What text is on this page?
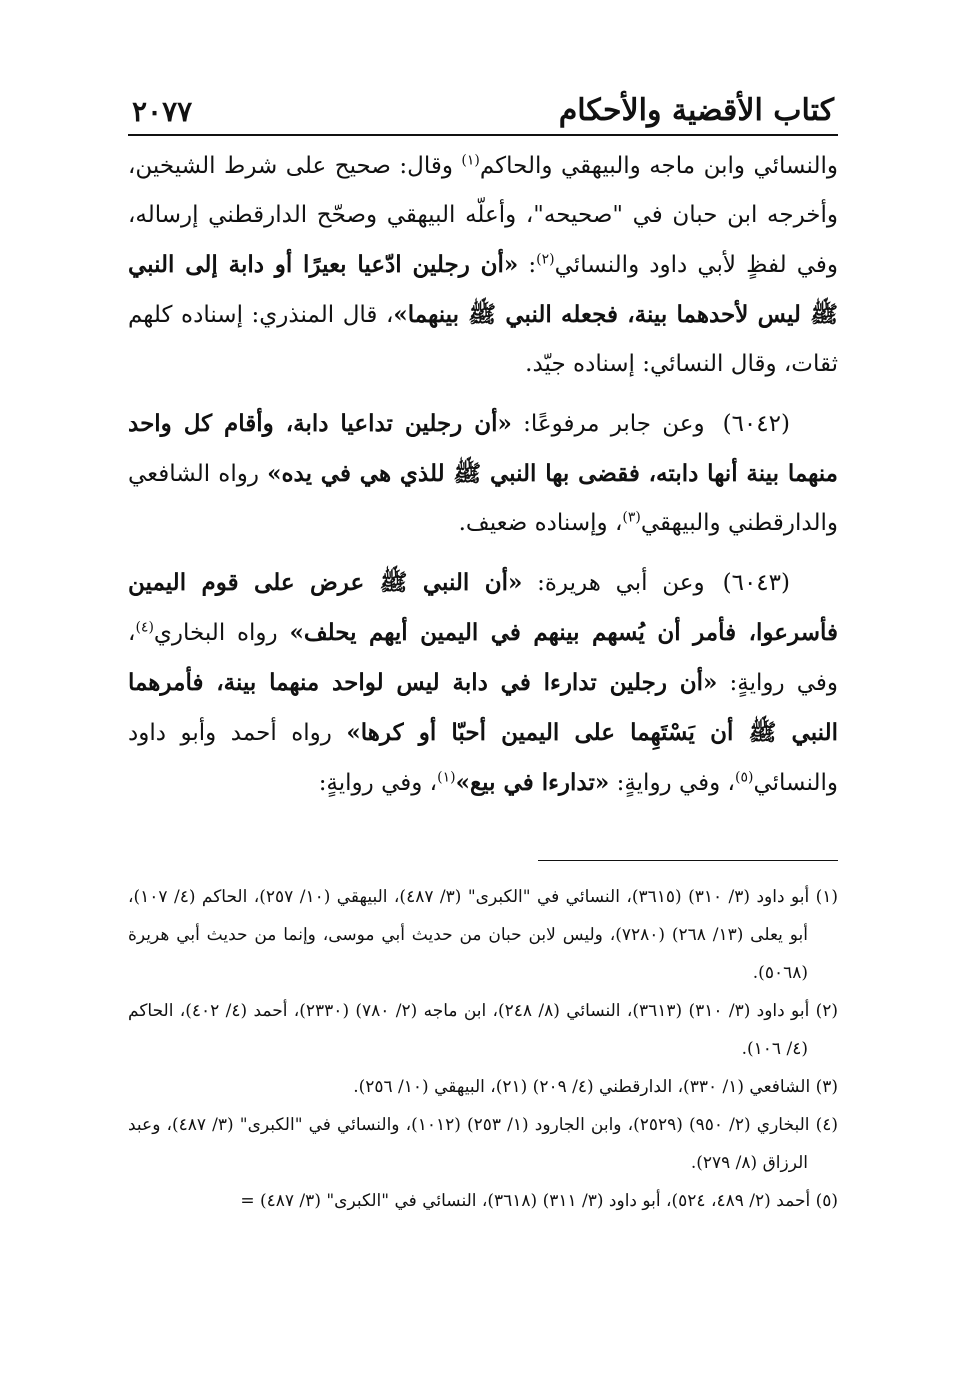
كتاب الأقضية والأحكام
٢٠٧٧

والنسائي وابن ماجه والبيهقي والحاكم$^{(١)}$ وقال: صحيح على شرط الشيخين، وأخرجه ابن حبان في "صحيحه"، وأعلّه البيهقي وصحّح الدارقطني إرساله، وفي لفظٍ لأبي داود والنسائي$^{(٢)}$: «أن رجلين ادّعيا بعيرًا أو دابة إلى النبي ﷺ ليس لأحدهما بينة، فجعله النبي ﷺ بينهما»، قال المنذري: إسناده كلهم ثقات، وقال النسائي: إسناده جيّد.

(٦٠٤٢)وعن جابر مرفوعًا: «أن رجلين تداعيا دابة، وأقام كل واحد منهما بينة أنها دابته، فقضى بها النبي ﷺ للذي هي في يده» رواه الشافعي والدارقطني والبيهقي$^{(٣)}$، وإسناده ضعيف.

(٦٠٤٣)وعن أبي هريرة: «أن النبي ﷺ عرض على قوم اليمين فأسرعوا، فأمر أن يُسهم بينهم في اليمين أيهم يحلف» رواه البخاري$^{(٤)}$، وفي روايةٍ: «أن رجلين تدارءا في دابة ليس لواحد منهما بينة، فأمرهما النبي ﷺ أن يَسْتَهِما على اليمين أحبّا أو كرها» رواه أحمد وأبو داود والنسائي$^{(٥)}$، وفي روايةٍ: «تدارءا في بيع»$^{(١)}$، وفي روايةٍ:

(١) أبو داود (٣/ ٣١٠) (٣٦١٥)، النسائي في "الكبرى" (٣/ ٤٨٧)، البيهقي (١٠/ ٢٥٧)، الحاكم (٤/ ١٠٧)، أبو يعلى (١٣/ ٢٦٨) (٧٢٨٠)، وليس لابن حبان من حديث أبي موسى، وإنما من حديث أبي هريرة (٥٠٦٨).

(٢) أبو داود (٣/ ٣١٠) (٣٦١٣)، النسائي (٨/ ٢٤٨)، ابن ماجه (٢/ ٧٨٠) (٢٣٣٠)، أحمد (٤/ ٤٠٢)، الحاكم (٤/ ١٠٦).

(٣) الشافعي (١/ ٣٣٠)، الدارقطني (٤/ ٢٠٩) (٢١)، البيهقي (١٠/ ٢٥٦).

(٤) البخاري (٢/ ٩٥٠) (٢٥٢٩)، وابن الجارود (١/ ٢٥٣) (١٠١٢)، والنسائي في "الكبرى" (٣/ ٤٨٧)، وعبد الرزاق (٨/ ٢٧٩).

(٥) أحمد (٢/ ٤٨٩، ٥٢٤)، أبو داود (٣/ ٣١١) (٣٦١٨)، النسائي في "الكبرى" (٣/ ٤٨٧) =
